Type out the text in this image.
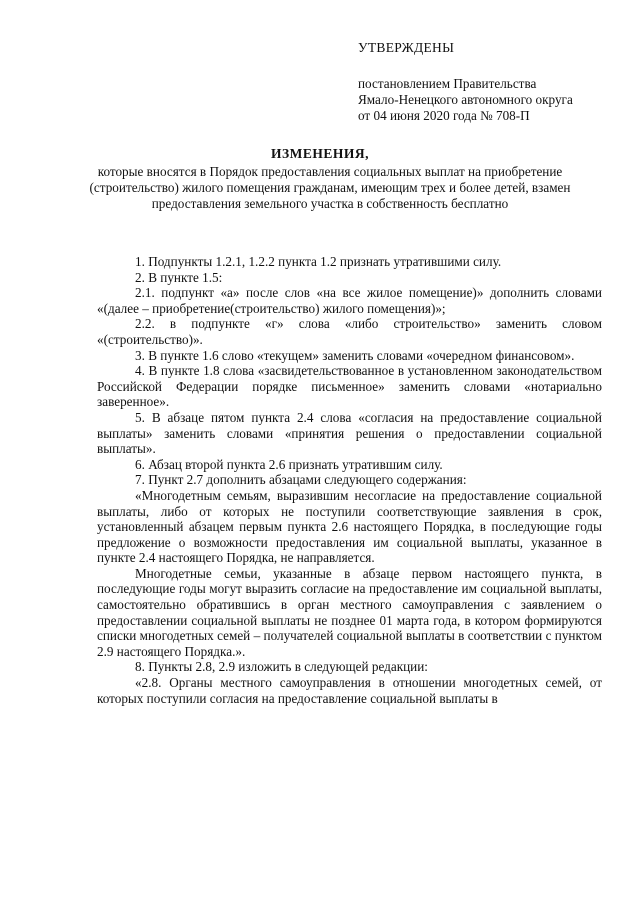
УТВЕРЖДЕНЫ
постановлением Правительства
Ямало-Ненецкого автономного округа
от 04 июня 2020 года № 708-П
ИЗМЕНЕНИЯ,
которые вносятся в Порядок предоставления социальных выплат на приобретение (строительство) жилого помещения гражданам, имеющим трех и более детей, взамен предоставления земельного участка в собственность бесплатно

1. Подпункты 1.2.1, 1.2.2 пункта 1.2 признать утратившими силу.

2. В пункте 1.5:

2.1. подпункт «а» после слов «на все жилое помещение)» дополнить словами «(далее – приобретение(строительство) жилого помещения)»;

2.2. в подпункте «г» слова «либо строительство» заменить словом «(строительство)».

3. В пункте 1.6 слово «текущем» заменить словами «очередном финансовом».

4. В пункте 1.8 слова «засвидетельствованное в установленном законодательством Российской Федерации порядке письменное» заменить словами «нотариально заверенное».

5. В абзаце пятом пункта 2.4 слова «согласия на предоставление социальной выплаты» заменить словами «принятия решения о предоставлении социальной выплаты».

6. Абзац второй пункта 2.6 признать утратившим силу.

7. Пункт 2.7 дополнить абзацами следующего содержания:

«Многодетным семьям, выразившим несогласие на предоставление социальной выплаты, либо от которых не поступили соответствующие заявления в срок, установленный абзацем первым пункта 2.6 настоящего Порядка, в последующие годы предложение о возможности предоставления им социальной выплаты, указанное в пункте 2.4 настоящего Порядка, не направляется.

Многодетные семьи, указанные в абзаце первом настоящего пункта, в последующие годы могут выразить согласие на предоставление им социальной выплаты, самостоятельно обратившись в орган местного самоуправления с заявлением о предоставлении социальной выплаты не позднее 01 марта года, в котором формируются списки многодетных семей – получателей социальной выплаты в соответствии с пунктом 2.9 настоящего Порядка.».

8. Пункты 2.8, 2.9 изложить в следующей редакции:

«2.8. Органы местного самоуправления в отношении многодетных семей, от которых поступили согласия на предоставление социальной выплаты в
